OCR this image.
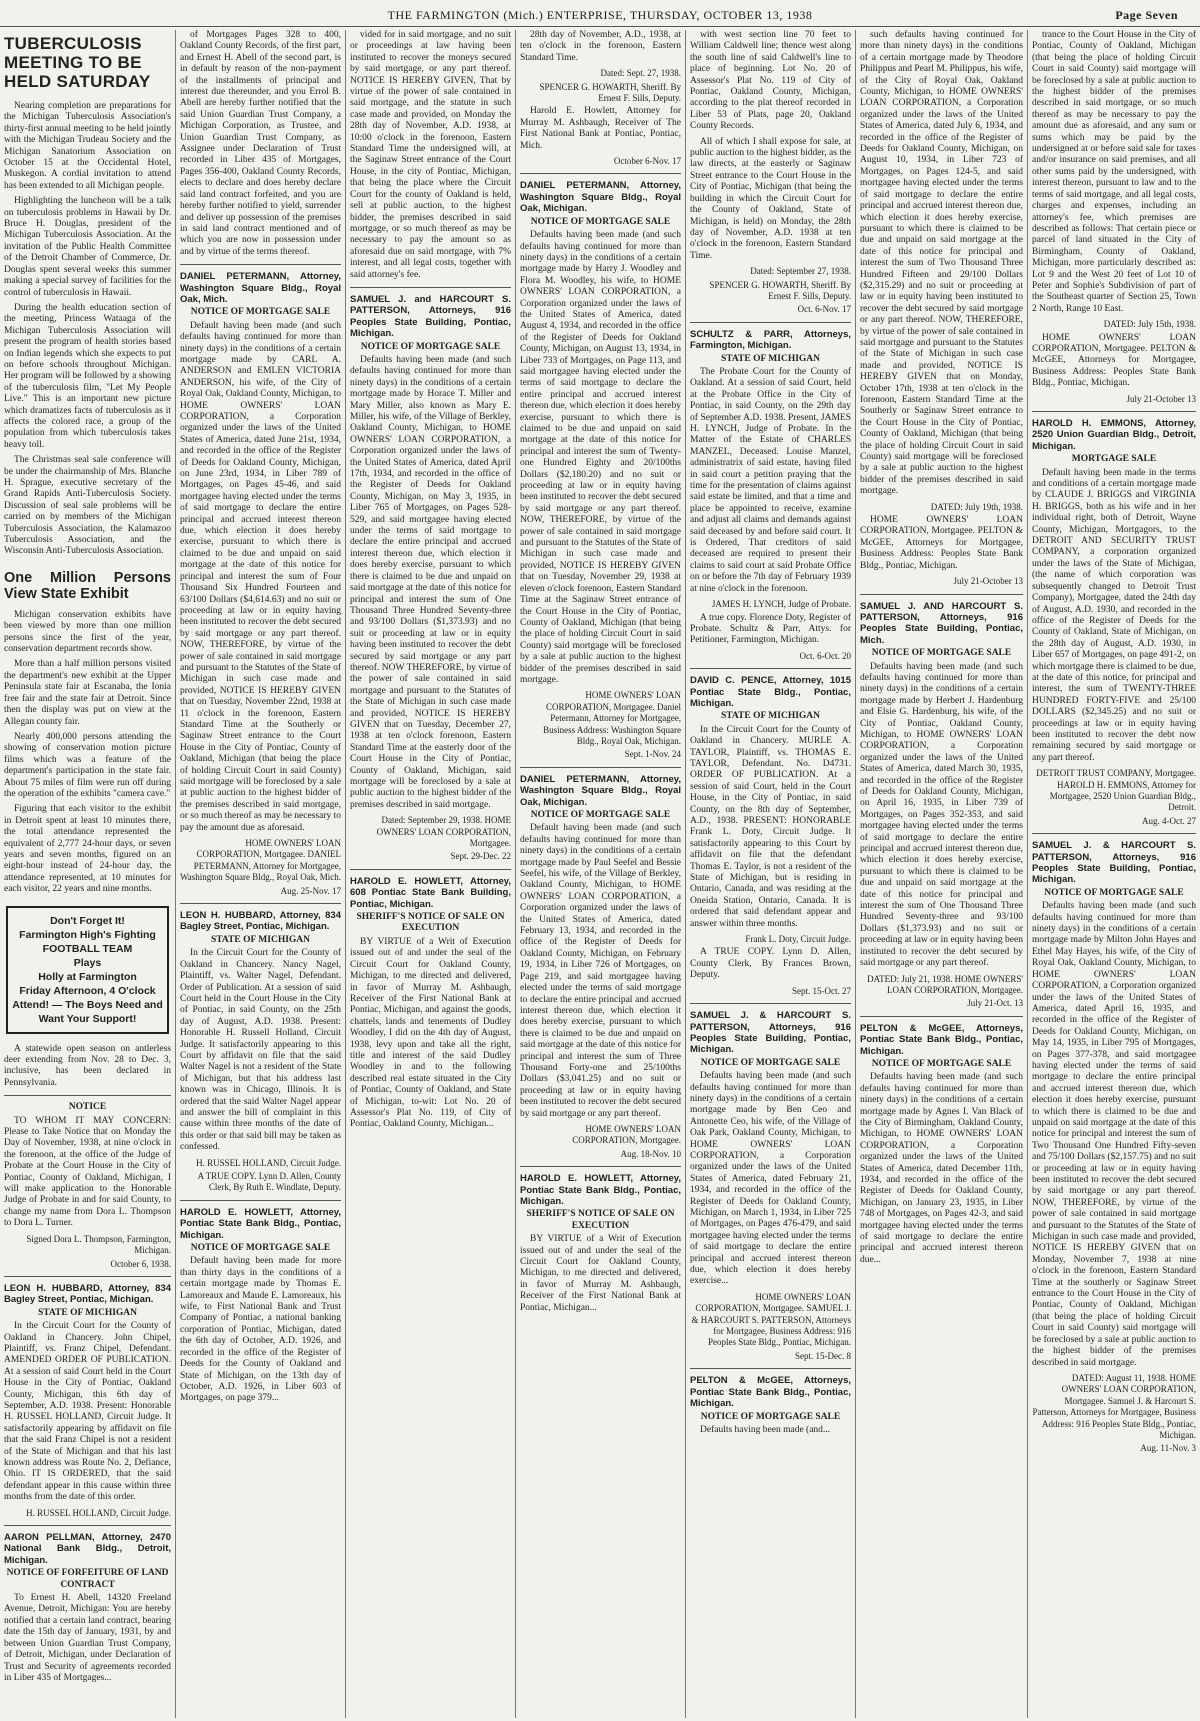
THE FARMINGTON (Mich.) ENTERPRISE, THURSDAY, OCTOBER 13, 1938	Page Seven
TUBERCULOSIS MEETING TO BE HELD SATURDAY

Nearing completion are preparations for the Michigan Tuberculosis Association's thirty-first annual meeting to be held jointly with the Michigan Trudeau Society and the Michigan Sanatorium Association on October 15 at the Occidental Hotel, Muskegon. A cordial invitation to attend has been extended to all Michigan people.

Highlighting the luncheon will be a talk on tuberculosis problems in Hawaii by Dr. Bruce H. Douglas, president of the Michigan Tuberculosis Association. At the invitation of the Public Health Committee of the Detroit Chamber of Commerce, Dr. Douglas spent several weeks this summer making a special survey of facilities for the control of tuberculosis in Hawaii.

During the health education section of the meeting, Princess Wataaga of the Michigan Tuberculosis Association will present the program of health stories based on Indian legends which she expects to put on before schools throughout Michigan. Her program will be followed by a showing of the tuberculosis film, "Let My People Live." This is an important new picture which dramatizes facts of tuberculosis as it affects the colored race, a group of the population from which tuberculosis takes heavy toll.

The Christmas seal sale conference will be under the chairmanship of Mrs. Blanche H. Sprague, executive secretary of the Grand Rapids Anti-Tuberculosis Society. Discussion of seal sale problems will be carried on by members of the Michigan Tuberculosis Association, the Kalamazoo Tuberculosis Association, and the Wisconsin Anti-Tuberculosis Association.

One Million Persons View State Exhibit

Michigan conservation exhibits have been viewed by more than one million persons since the first of the year, conservation department records show.

More than a half million persons visited the department's new exhibit at the Upper Peninsula state fair at Escanaba, the Ionia free fair and the state fair at Detroit. Since then the display was put on view at the Allegan county fair.

Nearly 400,000 persons attending the showing of conservation motion picture films which was a feature of the department's participation in the state fair. About 75 miles of film were run off during the operation of the exhibits "camera cave."

Figuring that each visitor to the exhibit in Detroit spent at least 10 minutes there, the total attendance represented the equivalent of 2,777 24-hour days, or seven years and seven months, figured on an eight-hour instead of 24-hour day, the attendance represented, at 10 minutes for each visitor, 22 years and nine months.

Don't Forget It!
Farmington High's Fighting FOOTBALL TEAM
Plays
Holly at Farmington
Friday Afternoon, 4 O'clock
Attend! — The Boys Need and Want Your Support!

A statewide open season on antlerless deer extending from Nov. 28 to Dec. 3, inclusive, has been declared in Pennsylvania.

NOTICE

TO WHOM IT MAY CONCERN: Please to Take Notice that on Monday the Day of November, 1938, at nine o'clock in the forenoon, at the office of the Judge of Probate at the Court House in the City of Pontiac, County of Oakland, Michigan, I will make application to the Honorable Judge of Probate in and for said County, to change my name from Dora L. Thompson to Dora L. Turner.

Signed Dora L. Thompson, Farmington, Michigan.
October 6, 1938.
LEON H. HUBBARD, Attorney, 834 Bagley Street, Pontiac, Michigan.
STATE OF MICHIGAN

In the Circuit Court for the County of Oakland in Chancery. John Chipel, Plaintiff, vs. Franz Chipel, Defendant. AMENDED ORDER OF PUBLICATION. At a session of said Court held in the Court House in the City of Pontiac, Oakland County, Michigan, this 6th day of September, A.D. 1938. Present: Honorable H. RUSSEL HOLLAND, Circuit Judge. It satisfactorily appearing by affidavit on file that the said Franz Chipel is not a resident of the State of Michigan and that his last known address was Route No. 2, Defiance, Ohio. IT IS ORDERED, that the said defendant appear in this cause within three months from the date of this order.

H. RUSSEL HOLLAND, Circuit Judge.
AARON PELLMAN, Attorney, 2470 National Bank Bldg., Detroit, Michigan.
NOTICE OF FORFEITURE OF LAND CONTRACT

To Ernest H. Abell, 14320 Freeland Avenue, Detroit, Michigan: You are hereby notified that a certain land contract, bearing date the 15th day of January, 1931, by and between Union Guardian Trust Company, of Detroit, Michigan, under Declaration of Trust and Security of agreements recorded in Liber 435 of Mortgages...

of Mortgages Pages 328 to 400, Oakland County Records, of the first part, and Ernest H. Abell of the second part, is in default by reason of the non-payment of the installments of principal and interest due thereunder, and you Errol B. Abell are hereby further notified that the said Union Guardian Trust Company, a Michigan Corporation, as Trustee, and Union Guardian Trust Company, as Assignee under Declaration of Trust recorded in Liber 435 of Mortgages, Pages 356-400, Oakland County Records, elects to declare and does hereby declare said land contract forfeited, and you are hereby further notified to yield, surrender and deliver up possession of the premises in said land contract mentioned and of which you are now in possession under and by virtue of the terms thereof.

DANIEL PETERMANN, Attorney, Washington Square Bldg., Royal Oak, Mich.
NOTICE OF MORTGAGE SALE

Default having been made (and such defaults having continued for more than ninety days) in the conditions of a certain mortgage made by CARL A. ANDERSON and EMLEN VICTORIA ANDERSON, his wife, of the City of Royal Oak, Oakland County, Michigan, to HOME OWNERS' LOAN CORPORATION, a Corporation organized under the laws of the United States of America, dated June 21st, 1934, and recorded in the office of the Register of Deeds for Oakland County, Michigan, on June 23rd, 1934, in Liber 789 of Mortgages, on Pages 45-46, and said mortgagee having elected under the terms of said mortgage to declare the entire principal and accrued interest thereon due, which election it does hereby exercise, pursuant to which there is claimed to be due and unpaid on said mortgage at the date of this notice for principal and interest the sum of Four Thousand Six Hundred Fourteen and 63/100 Dollars ($4,614.63) and no suit or proceeding at law or in equity having been instituted to recover the debt secured by said mortgage or any part thereof. NOW, THEREFORE, by virtue of the power of sale contained in said mortgage and pursuant to the Statutes of the State of Michigan in such case made and provided, NOTICE IS HEREBY GIVEN that on Tuesday, November 22nd, 1938 at 11 o'clock in the forenoon, Eastern Standard Time at the Southerly or Saginaw Street entrance to the Court House in the City of Pontiac, County of Oakland, Michigan (that being the place of holding Circuit Court in said County) said mortgage will be foreclosed by a sale at public auction to the highest bidder of the premises described in said mortgage, or so much thereof as may be necessary to pay the amount due as aforesaid.

HOME OWNERS' LOAN CORPORATION, Mortgagee. DANIEL PETERMANN, Attorney for Mortgagee, Washington Square Bldg., Royal Oak, Mich.
Aug. 25-Nov. 17
LEON H. HUBBARD, Attorney, 834 Bagley Street, Pontiac, Michigan.
STATE OF MICHIGAN

In the Circuit Court for the County of Oakland in Chancery. Nancy Nagel, Plaintiff, vs. Walter Nagel, Defendant. Order of Publication. At a session of said Court held in the Court House in the City of Pontiac, in said County, on the 25th day of August, A.D. 1938. Present: Honorable H. Russell Holland, Circuit Judge. It satisfactorily appearing to this Court by affidavit on file that the said Walter Nagel is not a resident of the State of Michigan, but that his address last known was in Chicago, Illinois. It is ordered that the said Walter Nagel appear and answer the bill of complaint in this cause within three months of the date of this order or that said bill may be taken as confessed.

H. RUSSEL HOLLAND, Circuit Judge.
A TRUE COPY. Lynn D. Allen, County Clerk, By Ruth E. Windlate, Deputy.
HAROLD E. HOWLETT, Attorney, Pontiac State Bank Bldg., Pontiac, Michigan.
NOTICE OF MORTGAGE SALE

Default having been made for more than thirty days in the conditions of a certain mortgage made by Thomas E. Lamoreaux and Maude E. Lamoreaux, his wife, to First National Bank and Trust Company of Pontiac, a national banking corporation of Pontiac, Michigan, dated the 6th day of October, A.D. 1926, and recorded in the office of the Register of Deeds for the County of Oakland and State of Michigan, on the 13th day of October, A.D. 1926, in Liber 603 of Mortgages, on page 379...

vided for in said mortgage, and no suit or proceedings at law having been instituted to recover the moneys secured by said mortgage, or any part thereof. NOTICE IS HEREBY GIVEN, That by virtue of the power of sale contained in said mortgage, and the statute in such case made and provided, on Monday the 28th day of November, A.D. 1938, at 10:00 o'clock in the forenoon, Eastern Standard Time the undersigned will, at the Saginaw Street entrance of the Court House, in the city of Pontiac, Michigan, that being the place where the Circuit Court for the county of Oakland is held, sell at public auction, to the highest bidder, the premises described in said mortgage, or so much thereof as may be necessary to pay the amount so as aforesaid due on said mortgage, with 7% interest, and all legal costs, together with said attorney's fee.

SAMUEL J. and HARCOURT S. PATTERSON, Attorneys, 916 Peoples State Building, Pontiac, Michigan.
NOTICE OF MORTGAGE SALE

Defaults having been made (and such defaults having continued for more than ninety days) in the conditions of a certain mortgage made by Horace T. Miller and Mary Miller, also known as Mary E. Miller, his wife, of the Village of Berkley, Oakland County, Michigan, to HOME OWNERS' LOAN CORPORATION, a Corporation organized under the laws of the United States of America, dated April 17th, 1934, and recorded in the office of the Register of Deeds for Oakland County, Michigan, on May 3, 1935, in Liber 765 of Mortgages, on Pages 528-529, and said mortgagee having elected under the terms of said mortgage to declare the entire principal and accrued interest thereon due, which election it does hereby exercise, pursuant to which there is claimed to be due and unpaid on said mortgage at the date of this notice for principal and interest the sum of One Thousand Three Hundred Seventy-three and 93/100 Dollars ($1,373.93) and no suit or proceeding at law or in equity having been instituted to recover the debt secured by said mortgage or any part thereof. NOW THEREFORE, by virtue of the power of sale contained in said mortgage and pursuant to the Statutes of the State of Michigan in such case made and provided, NOTICE IS HEREBY GIVEN that on Tuesday, December 27, 1938 at ten o'clock forenoon, Eastern Standard Time at the easterly door of the Court House in the City of Pontiac, County of Oakland, Michigan, said mortgage will be foreclosed by a sale at public auction to the highest bidder of the premises described in said mortgage.

Dated: September 29, 1938. HOME OWNERS' LOAN CORPORATION, Mortgagee.
Sept. 29-Dec. 22
HAROLD E. HOWLETT, Attorney, 608 Pontiac State Bank Building, Pontiac, Michigan.
SHERIFF'S NOTICE OF SALE ON EXECUTION

BY VIRTUE of a Writ of Execution issued out of and under the seal of the Circuit Court for Oakland County, Michigan, to me directed and delivered, in favor of Murray M. Ashbaugh, Receiver of the First National Bank at Pontiac, Michigan, and against the goods, chattels, lands and tenements of Dudley Woodley, I did on the 4th day of August, 1938, levy upon and take all the right, title and interest of the said Dudley Woodley in and to the following described real estate situated in the City of Pontiac, County of Oakland, and State of Michigan, to-wit: Lot No. 20 of Assessor's Plat No. 119, of City of Pontiac, Oakland County, Michigan...

28th day of November, A.D., 1938, at ten o'clock in the forenoon, Eastern Standard Time.

Dated: Sept. 27, 1938.
SPENCER G. HOWARTH, Sheriff. By Ernest F. Sills, Deputy.

Harold E. Howlett, Attorney for Murray M. Ashbaugh, Receiver of The First National Bank at Pontiac, Pontiac, Mich.

October 6-Nov. 17
DANIEL PETERMANN, Attorney, Washington Square Bldg., Royal Oak, Michigan.
NOTICE OF MORTGAGE SALE

Defaults having been made (and such defaults having continued for more than ninety days) in the conditions of a certain mortgage made by Harry J. Woodley and Flora M. Woodley, his wife, to HOME OWNERS' LOAN CORPORATION, a Corporation organized under the laws of the United States of America, dated August 4, 1934, and recorded in the office of the Register of Deeds for Oakland County, Michigan, on August 13, 1934, in Liber 733 of Mortgages, on Page 113, and said mortgagee having elected under the terms of said mortgage to declare the entire principal and accrued interest thereon due, which election it does hereby exercise, pursuant to which there is claimed to be due and unpaid on said mortgage at the date of this notice for principal and interest the sum of Twenty-one Hundred Eighty and 20/100ths Dollars ($2,180.20) and no suit or proceeding at law or in equity having been instituted to recover the debt secured by said mortgage or any part thereof. NOW, THEREFORE, by virtue of the power of sale contained in said mortgage and pursuant to the Statutes of the State of Michigan in such case made and provided, NOTICE IS HEREBY GIVEN that on Tuesday, November 29, 1938 at eleven o'clock forenoon, Eastern Standard Time at the Saginaw Street entrance of the Court House in the City of Pontiac, County of Oakland, Michigan (that being the place of holding Circuit Court in said County) said mortgage will be foreclosed by a sale at public auction to the highest bidder of the premises described in said mortgage.

HOME OWNERS' LOAN CORPORATION, Mortgagee. Daniel Petermann, Attorney for Mortgagee, Business Address: Washington Square Bldg., Royal Oak, Michigan.
Sept. 1-Nov. 24
DANIEL PETERMANN, Attorney, Washington Square Bldg., Royal Oak, Michigan.
NOTICE OF MORTGAGE SALE

Default having been made (and such defaults having continued for more than ninety days) in the conditions of a certain mortgage made by Paul Seefel and Bessie Seefel, his wife, of the Village of Berkley, Oakland County, Michigan, to HOME OWNERS' LOAN CORPORATION, a Corporation organized under the laws of the United States of America, dated February 13, 1934, and recorded in the office of the Register of Deeds for Oakland County, Michigan, on February 19, 1934, in Liber 726 of Mortgages, on Page 219, and said mortgagee having elected under the terms of said mortgage to declare the entire principal and accrued interest thereon due, which election it does hereby exercise, pursuant to which there is claimed to be due and unpaid on said mortgage at the date of this notice for principal and interest the sum of Three Thousand Forty-one and 25/100ths Dollars ($3,041.25) and no suit or proceeding at law or in equity having been instituted to recover the debt secured by said mortgage or any part thereof.

HOME OWNERS' LOAN CORPORATION, Mortgagee.
Aug. 18-Nov. 10
HAROLD E. HOWLETT, Attorney, Pontiac State Bank Bldg., Pontiac, Michigan.
SHERIFF'S NOTICE OF SALE ON EXECUTION

BY VIRTUE of a Writ of Execution issued out of and under the seal of the Circuit Court for Oakland County, Michigan, to me directed and delivered, in favor of Murray M. Ashbaugh, Receiver of the First National Bank at Pontiac, Michigan...

with west section line 70 feet to William Caldwell line; thence west along the south line of said Caldwell's line to place of beginning. Lot No. 20 of Assessor's Plat No. 119 of City of Pontiac, Oakland County, Michigan, according to the plat thereof recorded in Liber 53 of Plats, page 20, Oakland County Records.

All of which I shall expose for sale, at public auction to the highest bidder, as the law directs, at the easterly or Saginaw Street entrance to the Court House in the City of Pontiac, Michigan (that being the building in which the Circuit Court for the County of Oakland, State of Michigan, is held) on Monday, the 28th day of November, A.D. 1938 at ten o'clock in the forenoon, Eastern Standard Time.

Dated: September 27, 1938.
SPENCER G. HOWARTH, Sheriff. By Ernest F. Sills, Deputy.
Oct. 6-Nov. 17
SCHULTZ & PARR, Attorneys, Farmington, Michigan.
STATE OF MICHIGAN

The Probate Court for the County of Oakland. At a session of said Court, held at the Probate Office in the City of Pontiac, in said County, on the 29th day of September A.D. 1938. Present, JAMES H. LYNCH, Judge of Probate. In the Matter of the Estate of CHARLES MANZEL, Deceased. Louise Manzel, administratrix of said estate, having filed in said court a petition praying that the time for the presentation of claims against said estate be limited, and that a time and place be appointed to receive, examine and adjust all claims and demands against said deceased by and before said court. It is Ordered, That creditors of said deceased are required to present their claims to said court at said Probate Office on or before the 7th day of February 1939 at nine o'clock in the forenoon.

JAMES H. LYNCH, Judge of Probate.

A true copy. Florence Doty, Register of Probate. Schultz & Parr, Attys. for Petitioner, Farmington, Michigan.

Oct. 6-Oct. 20
DAVID C. PENCE, Attorney, 1015 Pontiac State Bldg., Pontiac, Michigan.
STATE OF MICHIGAN

In the Circuit Court for the County of Oakland in Chancery. MURLE A. TAYLOR, Plaintiff, vs. THOMAS E. TAYLOR, Defendant. No. D4731. ORDER OF PUBLICATION. At a session of said Court, held in the Court House, in the City of Pontiac, in said County, on the 8th day of September, A.D., 1938. PRESENT: HONORABLE Frank L. Doty, Circuit Judge. It satisfactorily appearing to this Court by affidavit on file that the defendant Thomas E. Taylor, is not a resident of the State of Michigan, but is residing in Ontario, Canada, and was residing at the Oneida Station, Ontario, Canada. It is ordered that said defendant appear and answer within three months.

Frank L. Doty, Circuit Judge.

A TRUE COPY. Lynn D. Allen, County Clerk, By Frances Brown, Deputy.

Sept. 15-Oct. 27
SAMUEL J. & HARCOURT S. PATTERSON, Attorneys, 916 Peoples State Building, Pontiac, Michigan.
NOTICE OF MORTGAGE SALE

Defaults having been made (and such defaults having continued for more than ninety days) in the conditions of a certain mortgage made by Ben Ceo and Antonette Ceo, his wife, of the Village of Oak Park, Oakland County, Michigan, to HOME OWNERS' LOAN CORPORATION, a Corporation organized under the laws of the United States of America, dated February 21, 1934, and recorded in the office of the Register of Deeds for Oakland County, Michigan, on March 1, 1934, in Liber 725 of Mortgages, on Pages 476-479, and said mortgagee having elected under the terms of said mortgage to declare the entire principal and accrued interest thereon due, which election it does hereby exercise...

HOME OWNERS' LOAN CORPORATION, Mortgagee. SAMUEL J. & HARCOURT S. PATTERSON, Attorneys for Mortgagee, Business Address: 916 Peoples State Bldg., Pontiac, Michigan.
Sept. 15-Dec. 8
PELTON & McGEE, Attorneys, Pontiac State Bank Bldg., Pontiac, Michigan.
NOTICE OF MORTGAGE SALE

Defaults having been made (and...

such defaults having continued for more than ninety days) in the conditions of a certain mortgage made by Theodore Philippus and Pearl M. Philippus, his wife, of the City of Royal Oak, Oakland County, Michigan, to HOME OWNERS' LOAN CORPORATION, a Corporation organized under the laws of the United States of America, dated July 6, 1934, and recorded in the office of the Register of Deeds for Oakland County, Michigan, on August 10, 1934, in Liber 723 of Mortgages, on Pages 124-5, and said mortgagee having elected under the terms of said mortgage to declare the entire principal and accrued interest thereon due, which election it does hereby exercise, pursuant to which there is claimed to be due and unpaid on said mortgage at the date of this notice for principal and interest the sum of Two Thousand Three Hundred Fifteen and 29/100 Dollars ($2,315.29) and no suit or proceeding at law or in equity having been instituted to recover the debt secured by said mortgage or any part thereof. NOW, THEREFORE, by virtue of the power of sale contained in said mortgage and pursuant to the Statutes of the State of Michigan in such case made and provided, NOTICE IS HEREBY GIVEN that on Monday, October 17th, 1938 at ten o'clock in the forenoon, Eastern Standard Time at the Southerly or Saginaw Street entrance to the Court House in the City of Pontiac, County of Oakland, Michigan (that being the place of holding Circuit Court in said County) said mortgage will be foreclosed by a sale at public auction to the highest bidder of the premises described in said mortgage.

DATED: July 19th, 1938.

HOME OWNERS' LOAN CORPORATION, Mortgagee. PELTON & McGEE, Attorneys for Mortgagee, Business Address: Peoples State Bank Bldg., Pontiac, Michigan.

July 21-October 13
SAMUEL J. AND HARCOURT S. PATTERSON, Attorneys, 916 Peoples State Building, Pontiac, Mich.
NOTICE OF MORTGAGE SALE

Defaults having been made (and such defaults having continued for more than ninety days) in the conditions of a certain mortgage made by Herbert J. Hardenburg and Elsie G. Hardenburg, his wife, of the City of Pontiac, Oakland County, Michigan, to HOME OWNERS' LOAN CORPORATION, a Corporation organized under the laws of the United States of America, dated March 30, 1935, and recorded in the office of the Register of Deeds for Oakland County, Michigan, on April 16, 1935, in Liber 739 of Mortgages, on Pages 352-353, and said mortgagee having elected under the terms of said mortgage to declare the entire principal and accrued interest thereon due, which election it does hereby exercise, pursuant to which there is claimed to be due and unpaid on said mortgage at the date of this notice for principal and interest the sum of One Thousand Three Hundred Seventy-three and 93/100 Dollars ($1,373.93) and no suit or proceeding at law or in equity having been instituted to recover the debt secured by said mortgage or any part thereof.

DATED: July 21, 1938. HOME OWNERS' LOAN CORPORATION, Mortgagee.
July 21-Oct. 13
PELTON & McGEE, Attorneys, Pontiac State Bank Bldg., Pontiac, Michigan.
NOTICE OF MORTGAGE SALE

Defaults having been made (and such defaults having continued for more than ninety days) in the conditions of a certain mortgage made by Agnes I. Van Black of the City of Birmingham, Oakland County, Michigan, to HOME OWNERS' LOAN CORPORATION, a Corporation organized under the laws of the United States of America, dated December 11th, 1934, and recorded in the office of the Register of Deeds for Oakland County, Michigan, on January 23, 1935, in Liber 748 of Mortgages, on Pages 42-3, and said mortgagee having elected under the terms of said mortgage to declare the entire principal and accrued interest thereon due...

trance to the Court House in the City of Pontiac, County of Oakland, Michigan (that being the place of holding Circuit Court in said County) said mortgage will be foreclosed by a sale at public auction to the highest bidder of the premises described in said mortgage, or so much thereof as may be necessary to pay the amount due as aforesaid, and any sum or sums which may be paid by the undersigned at or before said sale for taxes and/or insurance on said premises, and all other sums paid by the undersigned, with interest thereon, pursuant to law and to the terms of said mortgage, and all legal costs, charges and expenses, including an attorney's fee, which premises are described as follows: That certain piece or parcel of land situated in the City of Birmingham, County of Oakland, Michigan, more particularly described as: Lot 9 and the West 20 feet of Lot 10 of Peter and Sophie's Subdivision of part of the Southeast quarter of Section 25, Town 2 North, Range 10 East.

DATED: July 15th, 1938.

HOME OWNERS' LOAN CORPORATION, Mortgagee. PELTON & McGEE, Attorneys for Mortgagee, Business Address: Peoples State Bank Bldg., Pontiac, Michigan.

July 21-October 13
HAROLD H. EMMONS, Attorney, 2520 Union Guardian Bldg., Detroit, Michigan.
MORTGAGE SALE

Default having been made in the terms and conditions of a certain mortgage made by CLAUDE J. BRIGGS and VIRGINIA H. BRIGGS, both as his wife and in her individual right, both of Detroit, Wayne County, Michigan, Mortgagors, to the DETROIT AND SECURITY TRUST COMPANY, a corporation organized under the laws of the State of Michigan, (the name of which corporation was subsequently changed to Detroit Trust Company), Mortgagee, dated the 24th day of August, A.D. 1930, and recorded in the office of the Register of Deeds for the County of Oakland, State of Michigan, on the 28th day of August, A.D. 1930, in Liber 657 of Mortgages, on page 491-2, on which mortgage there is claimed to be due, at the date of this notice, for principal and interest, the sum of TWENTY-THREE HUNDRED FORTY-FIVE and 25/100 DOLLARS ($2,345.25) and no suit or proceedings at law or in equity having been instituted to recover the debt now remaining secured by said mortgage or any part thereof.

DETROIT TRUST COMPANY, Mortgagee. HAROLD H. EMMONS, Attorney for Mortgagee, 2520 Union Guardian Bldg., Detroit.
Aug. 4-Oct. 27
SAMUEL J. & HARCOURT S. PATTERSON, Attorneys, 916 Peoples State Building, Pontiac, Michigan.
NOTICE OF MORTGAGE SALE

Defaults having been made (and such defaults having continued for more than ninety days) in the conditions of a certain mortgage made by Milton John Hayes and Ethel May Hayes, his wife, of the City of Royal Oak, Oakland County, Michigan, to HOME OWNERS' LOAN CORPORATION, a Corporation organized under the laws of the United States of America, dated April 16, 1935, and recorded in the office of the Register of Deeds for Oakland County, Michigan, on May 14, 1935, in Liber 795 of Mortgages, on Pages 377-378, and said mortgagee having elected under the terms of said mortgage to declare the entire principal and accrued interest thereon due, which election it does hereby exercise, pursuant to which there is claimed to be due and unpaid on said mortgage at the date of this notice for principal and interest the sum of Two Thousand One Hundred Fifty-seven and 75/100 Dollars ($2,157.75) and no suit or proceeding at law or in equity having been instituted to recover the debt secured by said mortgage or any part thereof. NOW, THEREFORE, by virtue of the power of sale contained in said mortgage and pursuant to the Statutes of the State of Michigan in such case made and provided, NOTICE IS HEREBY GIVEN that on Monday, November 7, 1938 at nine o'clock in the forenoon, Eastern Standard Time at the southerly or Saginaw Street entrance to the Court House in the City of Pontiac, County of Oakland, Michigan (that being the place of holding Circuit Court in said County) said mortgage will be foreclosed by a sale at public auction to the highest bidder of the premises described in said mortgage.

DATED: August 11, 1938. HOME OWNERS' LOAN CORPORATION, Mortgagee. Samuel J. & Harcourt S. Patterson, Attorneys for Mortgagee, Business Address: 916 Peoples State Bldg., Pontiac, Michigan.
Aug. 11-Nov. 3
